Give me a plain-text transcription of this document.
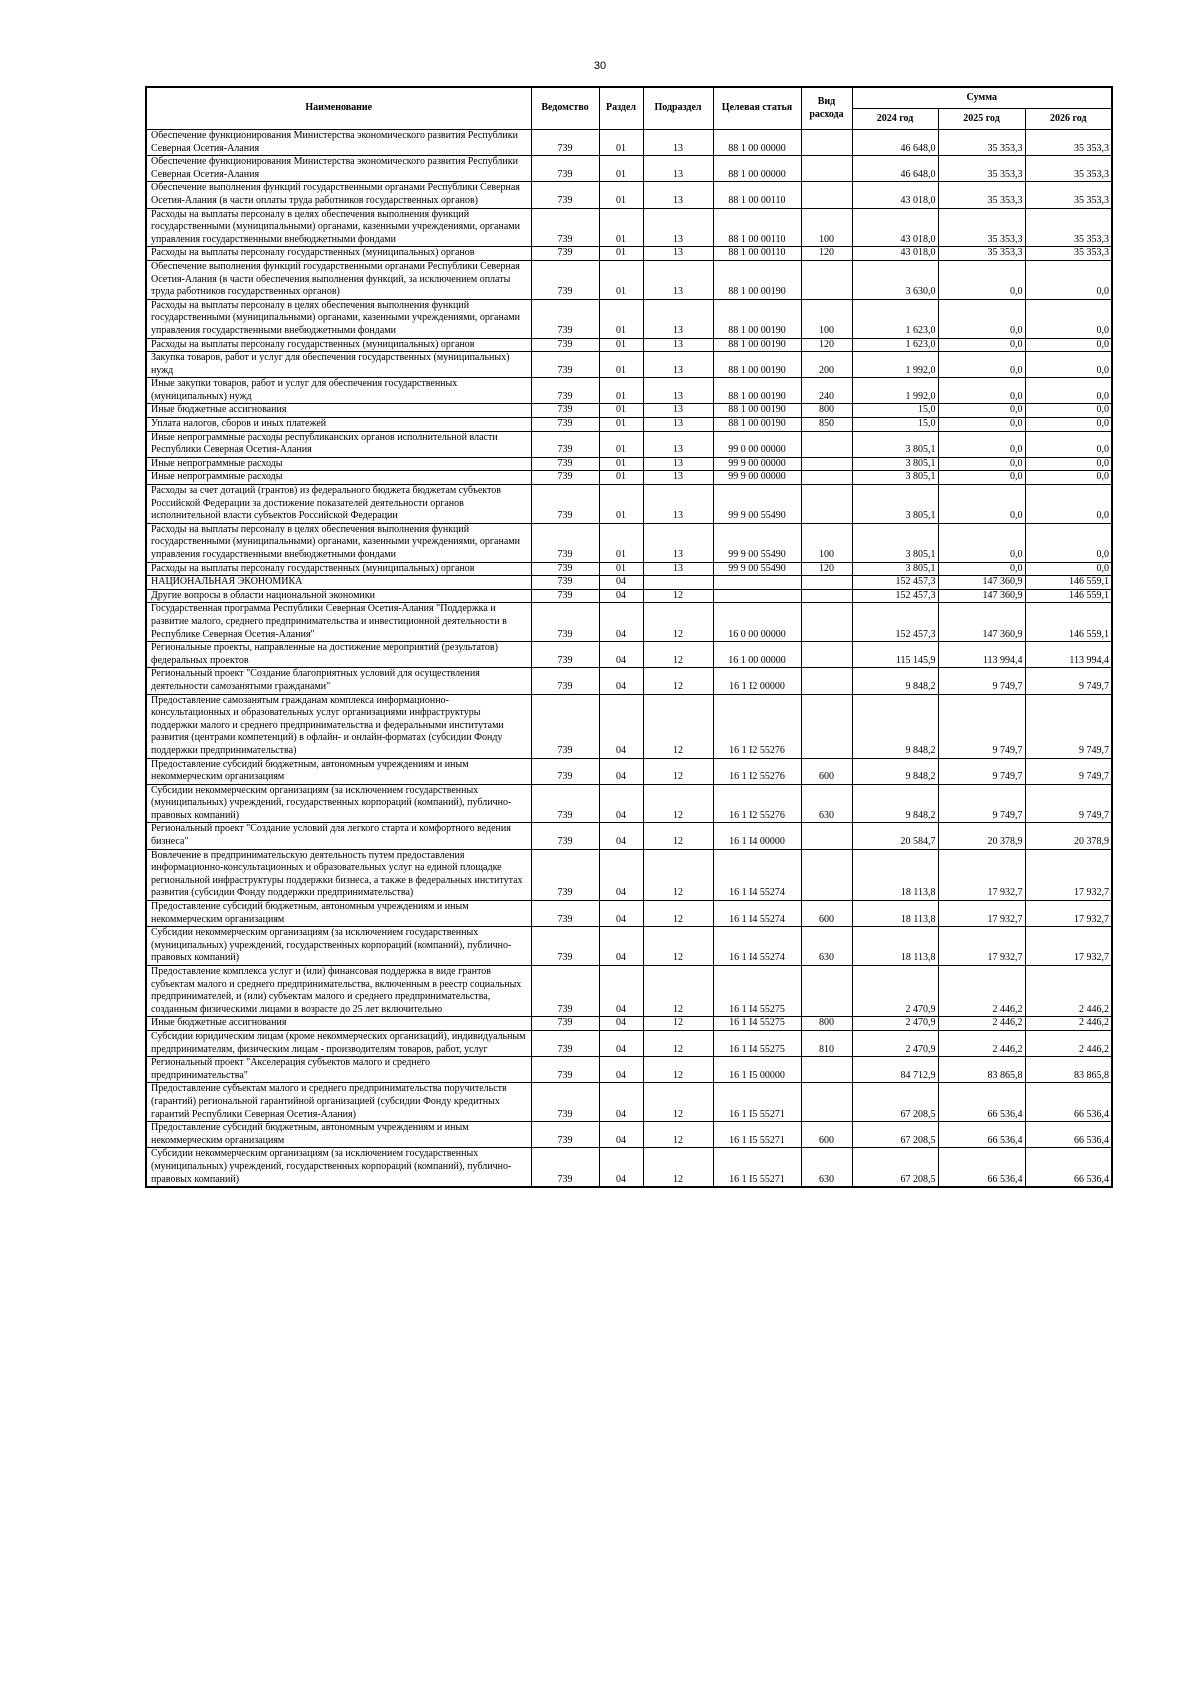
30
Наименование	Ведомство	Раздел	Подраздел	Целевая статья	Вид расхода	Сумма		
						2024 год	2025 год	2026 год
Обеспечение функционирования Министерства экономического развития Республики Северная Осетия-Алания	739	01	13	88 1 00 00000		46 648,0	35 353,3	35 353,3
Обеспечение функционирования Министерства экономического развития Республики Северная Осетия-Алания	739	01	13	88 1 00 00000		46 648,0	35 353,3	35 353,3
Обеспечение выполнения функций государственными органами Республики Северная Осетия-Алания (в части оплаты труда работников государственных органов)	739	01	13	88 1 00 00110		43 018,0	35 353,3	35 353,3
Расходы на выплаты персоналу в целях обеспечения выполнения функций государственными (муниципальными) органами, казенными учреждениями, органами управления государственными внебюджетными фондами	739	01	13	88 1 00 00110	100	43 018,0	35 353,3	35 353,3
Расходы на выплаты персоналу государственных (муниципальных) органов	739	01	13	88 1 00 00110	120	43 018,0	35 353,3	35 353,3
Обеспечение выполнения функций государственными органами Республики Северная Осетия-Алания (в части обеспечения выполнения функций, за исключением оплаты труда работников государственных органов)	739	01	13	88 1 00 00190		3 630,0	0,0	0,0
Расходы на выплаты персоналу в целях обеспечения выполнения функций государственными (муниципальными) органами, казенными учреждениями, органами управления государственными внебюджетными фондами	739	01	13	88 1 00 00190	100	1 623,0	0,0	0,0
Расходы на выплаты персоналу государственных (муниципальных) органов	739	01	13	88 1 00 00190	120	1 623,0	0,0	0,0
Закупка товаров, работ и услуг для обеспечения государственных (муниципальных) нужд	739	01	13	88 1 00 00190	200	1 992,0	0,0	0,0
Иные закупки товаров, работ и услуг для обеспечения государственных (муниципальных) нужд	739	01	13	88 1 00 00190	240	1 992,0	0,0	0,0
Иные бюджетные ассигнования	739	01	13	88 1 00 00190	800	15,0	0,0	0,0
Уплата налогов, сборов и иных платежей	739	01	13	88 1 00 00190	850	15,0	0,0	0,0
Иные непрограммные расходы республиканских органов исполнительной власти Республики Северная Осетия-Алания	739	01	13	99 0 00 00000		3 805,1	0,0	0,0
Иные непрограммные расходы	739	01	13	99 9 00 00000		3 805,1	0,0	0,0
Иные непрограммные расходы	739	01	13	99 9 00 00000		3 805,1	0,0	0,0
Расходы за счет дотаций (грантов) из федерального бюджета бюджетам субъектов Российской Федерации за достижение показателей деятельности органов исполнительной власти субъектов Российской Федерации	739	01	13	99 9 00 55490		3 805,1	0,0	0,0
Расходы на выплаты персоналу в целях обеспечения выполнения функций государственными (муниципальными) органами, казенными учреждениями, органами управления государственными внебюджетными фондами	739	01	13	99 9 00 55490	100	3 805,1	0,0	0,0
Расходы на выплаты персоналу государственных (муниципальных) органов	739	01	13	99 9 00 55490	120	3 805,1	0,0	0,0
НАЦИОНАЛЬНАЯ ЭКОНОМИКА	739	04				152 457,3	147 360,9	146 559,1
Другие вопросы в области национальной экономики	739	04	12			152 457,3	147 360,9	146 559,1
Государственная программа Республики Северная Осетия-Алания "Поддержка и развитие малого, среднего предпринимательства и инвестиционной деятельности в Республике Северная Осетия-Алания"	739	04	12	16 0 00 00000		152 457,3	147 360,9	146 559,1
Региональные проекты, направленные на достижение мероприятий (результатов) федеральных проектов	739	04	12	16 1 00 00000		115 145,9	113 994,4	113 994,4
Региональный проект "Создание благоприятных условий для осуществления деятельности самозанятыми гражданами"	739	04	12	16 1 I2 00000		9 848,2	9 749,7	9 749,7
Предоставление самозанятым гражданам комплекса информационно-консультационных и образовательных услуг организациями инфраструктуры поддержки малого и среднего предпринимательства и федеральными институтами развития (центрами компетенций) в офлайн- и онлайн-форматах (субсидии Фонду поддержки предпринимательства)	739	04	12	16 1 I2 55276		9 848,2	9 749,7	9 749,7
Предоставление субсидий бюджетным, автономным учреждениям и иным некоммерческим организациям	739	04	12	16 1 I2 55276	600	9 848,2	9 749,7	9 749,7
Субсидии некоммерческим организациям (за исключением государственных (муниципальных) учреждений, государственных корпораций (компаний), публично-правовых компаний)	739	04	12	16 1 I2 55276	630	9 848,2	9 749,7	9 749,7
Региональный проект "Создание условий для легкого старта и комфортного ведения бизнеса"	739	04	12	16 1 I4 00000		20 584,7	20 378,9	20 378,9
Вовлечение в предпринимательскую деятельность путем предоставления информационно-консультационных и образовательных услуг на единой площадке региональной инфраструктуры поддержки бизнеса, а также в федеральных институтах развития (субсидии Фонду поддержки предпринимательства)	739	04	12	16 1 I4 55274		18 113,8	17 932,7	17 932,7
Предоставление субсидий бюджетным, автономным учреждениям и иным некоммерческим организациям	739	04	12	16 1 I4 55274	600	18 113,8	17 932,7	17 932,7
Субсидии некоммерческим организациям (за исключением государственных (муниципальных) учреждений, государственных корпораций (компаний), публично-правовых компаний)	739	04	12	16 1 I4 55274	630	18 113,8	17 932,7	17 932,7
Предоставление комплекса услуг и (или) финансовая поддержка в виде грантов субъектам малого и среднего предпринимательства, включенным в реестр социальных предпринимателей, и (или) субъектам малого и среднего предпринимательства, созданным физическими лицами в возрасте до 25 лет включительно	739	04	12	16 1 I4 55275		2 470,9	2 446,2	2 446,2
Иные бюджетные ассигнования	739	04	12	16 1 I4 55275	800	2 470,9	2 446,2	2 446,2
Субсидии юридическим лицам (кроме некоммерческих организаций), индивидуальным предпринимателям, физическим лицам - производителям товаров, работ, услуг	739	04	12	16 1 I4 55275	810	2 470,9	2 446,2	2 446,2
Региональный проект "Акселерация субъектов малого и среднего предпринимательства"	739	04	12	16 1 I5 00000		84 712,9	83 865,8	83 865,8
Предоставление субъектам малого и среднего предпринимательства поручительств (гарантий) региональной гарантийной организацией (субсидии Фонду кредитных гарантий Республики Северная Осетия-Алания)	739	04	12	16 1 I5 55271		67 208,5	66 536,4	66 536,4
Предоставление субсидий бюджетным, автономным учреждениям и иным некоммерческим организациям	739	04	12	16 1 I5 55271	600	67 208,5	66 536,4	66 536,4
Субсидии некоммерческим организациям (за исключением государственных (муниципальных) учреждений, государственных корпораций (компаний), публично-правовых компаний)	739	04	12	16 1 I5 55271	630	67 208,5	66 536,4	66 536,4
